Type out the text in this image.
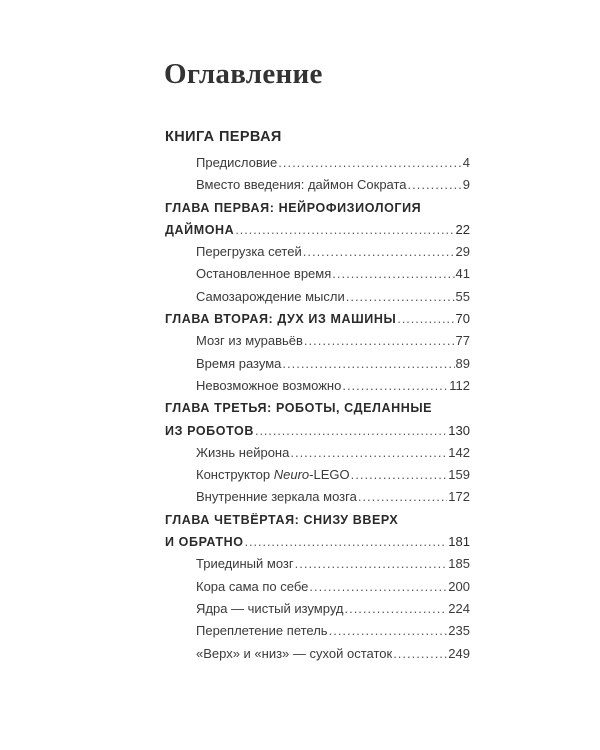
Оглавление
КНИГА ПЕРВАЯ
Предисловие .....	4
Вместо введения: даймон Сократа .....	9
ГЛАВА ПЕРВАЯ: НЕЙРОФИЗИОЛОГИЯ
ДАЙМОНА .....	22
Перегрузка сетей .....	29
Остановленное время .....	41
Самозарождение мысли .....	55
ГЛАВА ВТОРАЯ: ДУХ ИЗ МАШИНЫ .....	70
Мозг из муравьёв .....	77
Время разума .....	89
Невозможное возможно .....	112
ГЛАВА ТРЕТЬЯ: РОБОТЫ, СДЕЛАННЫЕ
ИЗ РОБОТОВ .....	130
Жизнь нейрона .....	142
Конструктор Neuro-LEGO .....	159
Внутренние зеркала мозга .....	172
ГЛАВА ЧЕТВЁРТАЯ: СНИЗУ ВВЕРХ
И ОБРАТНО .....	181
Триединый мозг .....	185
Кора сама по себе .....	200
Ядра — чистый изумруд .....	224
Переплетение петель .....	235
«Верх» и «низ» — сухой остаток .....	249
